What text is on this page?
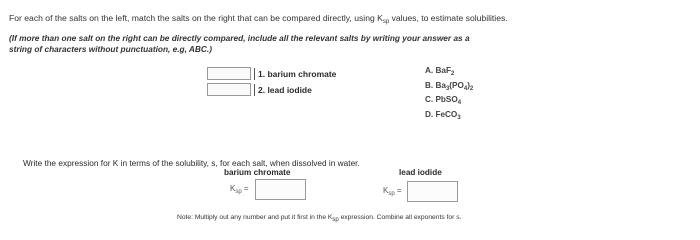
For each of the salts on the left, match the salts on the right that can be compared directly, using $K_{sp}$ values, to estimate solubilities.
(If more than one salt on the right can be directly compared, include all the relevant salts by writing your answer as a string of characters without punctuation, e.g, ABC.)
1. barium chromate
2. lead iodide
A. BaF$_2$
B. $Ba_3(PO_4)_2$
C. PbSO$_4$
D. FeCO$_3$
Write the expression for K in terms of the solubility, s, for each salt, when dissolved in water.
barium chromate	lead iodide
$K_{sp}$ =	$K_{sp}$ =
Note: Multiply out any number and put it first in the $K_{sp}$ expression. Combine all exponents for s.
